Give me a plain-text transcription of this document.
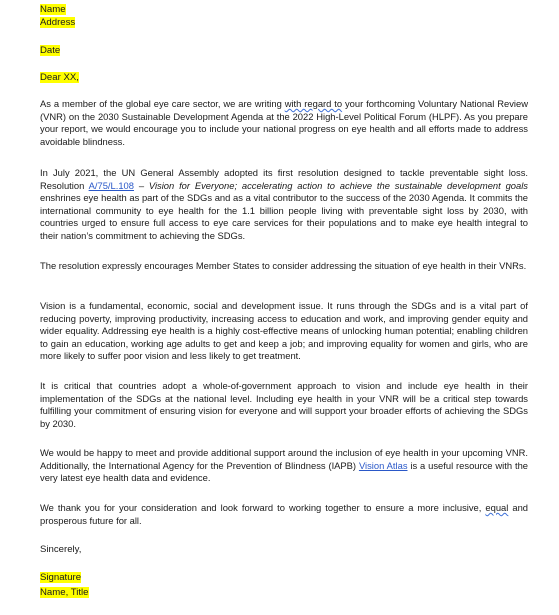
Name
Address
Date
Dear XX,

As a member of the global eye care sector, we are writing with regard to your forthcoming Voluntary National Review (VNR) on the 2030 Sustainable Development Agenda at the 2022 High-Level Political Forum (HLPF). As you prepare your report, we would encourage you to include your national progress on eye health and all efforts made to address avoidable blindness.

In July 2021, the UN General Assembly adopted its first resolution designed to tackle preventable sight loss. Resolution A/75/L.108 – Vision for Everyone; accelerating action to achieve the sustainable development goals enshrines eye health as part of the SDGs and as a vital contributor to the success of the 2030 Agenda. It commits the international community to eye health for the 1.1 billion people living with preventable sight loss by 2030, with countries urged to ensure full access to eye care services for their populations and to make eye health integral to their nation’s commitment to achieving the SDGs.

The resolution expressly encourages Member States to consider addressing the situation of eye health in their VNRs.

Vision is a fundamental, economic, social and development issue. It runs through the SDGs and is a vital part of reducing poverty, improving productivity, increasing access to education and work, and improving gender equity and wider equality. Addressing eye health is a highly cost-effective means of unlocking human potential; enabling children to gain an education, working age adults to get and keep a job; and improving equality for women and girls, who are more likely to suffer poor vision and less likely to get treatment.

It is critical that countries adopt a whole-of-government approach to vision and include eye health in their implementation of the SDGs at the national level. Including eye health in your VNR will be a critical step towards fulfilling your commitment of ensuring vision for everyone and will support your broader efforts of achieving the SDGs by 2030.

We would be happy to meet and provide additional support around the inclusion of eye health in your upcoming VNR. Additionally, the International Agency for the Prevention of Blindness (IAPB) Vision Atlas is a useful resource with the very latest eye health data and evidence.

We thank you for your consideration and look forward to working together to ensure a more inclusive, equal and prosperous future for all.

Sincerely,
Signature
Name, Title
